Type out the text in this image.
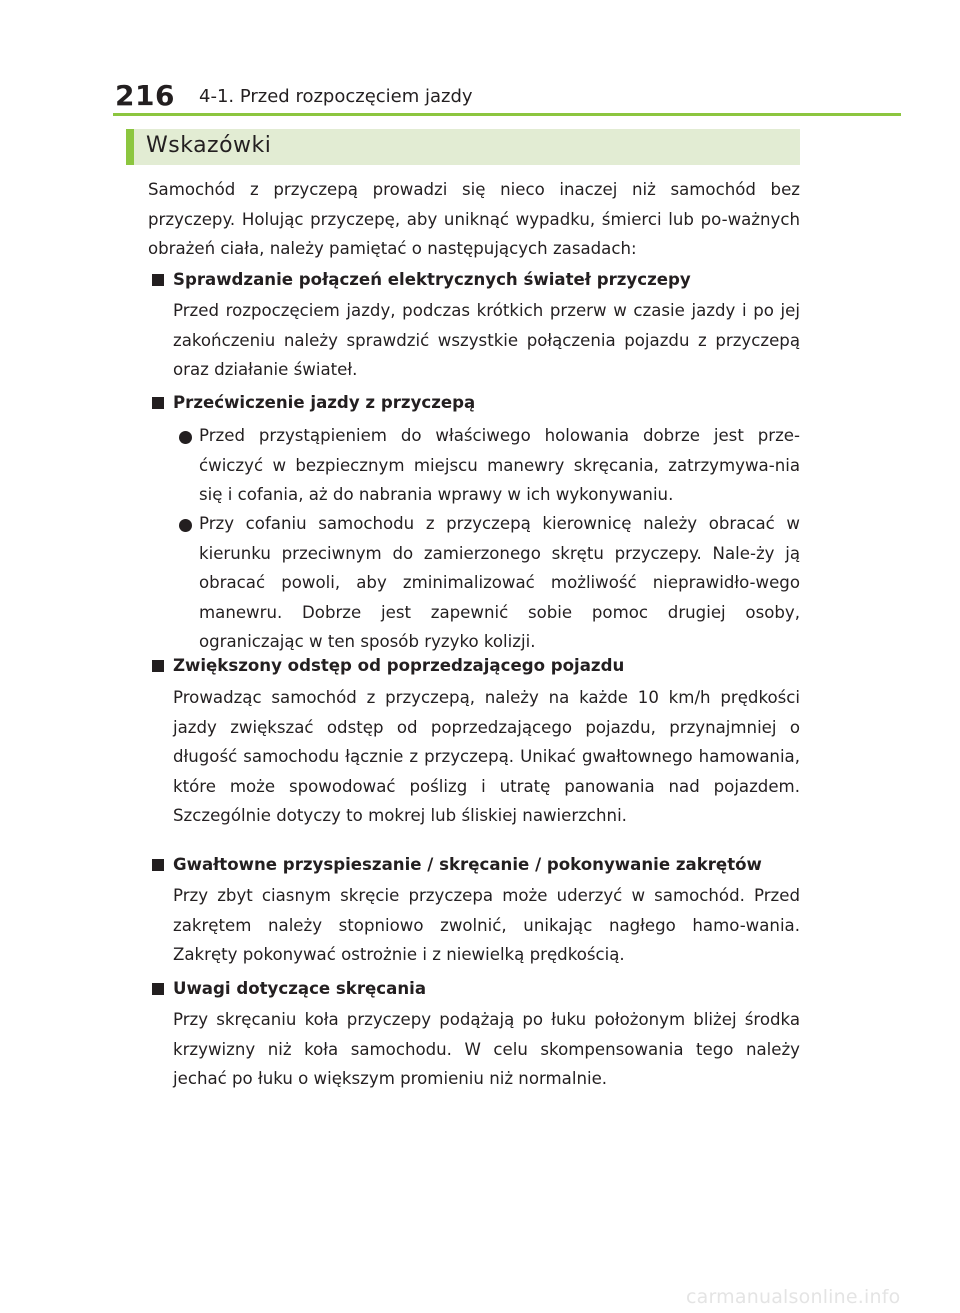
216 4-1. Przed rozpoczęciem jazdy
Wskazówki

Samochód z przyczepą prowadzi się nieco inaczej niż samochód bez przyczepy. Holując przyczepę, aby uniknąć wypadku, śmierci lub po-ważnych obrażeń ciała, należy pamiętać o następujących zasadach:

Sprawdzanie połączeń elektrycznych świateł przyczepy

Przed rozpoczęciem jazdy, podczas krótkich przerw w czasie jazdy i po jej zakończeniu należy sprawdzić wszystkie połączenia pojazdu z przyczepą oraz działanie świateł.

Przećwiczenie jazdy z przyczepą

Przed przystąpieniem do właściwego holowania dobrze jest prze-ćwiczyć w bezpiecznym miejscu manewry skręcania, zatrzymywa-nia się i cofania, aż do nabrania wprawy w ich wykonywaniu.

Przy cofaniu samochodu z przyczepą kierownicę należy obracać w kierunku przeciwnym do zamierzonego skrętu przyczepy. Nale-ży ją obracać powoli, aby zminimalizować możliwość nieprawidło-wego manewru. Dobrze jest zapewnić sobie pomoc drugiej osoby, ograniczając w ten sposób ryzyko kolizji.

Zwiększony odstęp od poprzedzającego pojazdu

Prowadząc samochód z przyczepą, należy na każde 10 km/h prędkości jazdy zwiększać odstęp od poprzedzającego pojazdu, przynajmniej o długość samochodu łącznie z przyczepą. Unikać gwałtownego hamowania, które może spowodować poślizg i utratę panowania nad pojazdem. Szczególnie dotyczy to mokrej lub śliskiej nawierzchni.

Gwałtowne przyspieszanie / skręcanie / pokonywanie zakrętów

Przy zbyt ciasnym skręcie przyczepa może uderzyć w samochód. Przed zakrętem należy stopniowo zwolnić, unikając nagłego hamo-wania. Zakręty pokonywać ostrożnie i z niewielką prędkością.

Uwagi dotyczące skręcania

Przy skręcaniu koła przyczepy podążają po łuku położonym bliżej środka krzywizny niż koła samochodu. W celu skompensowania tego należy jechać po łuku o większym promieniu niż normalnie.

carmanualsonline.info
